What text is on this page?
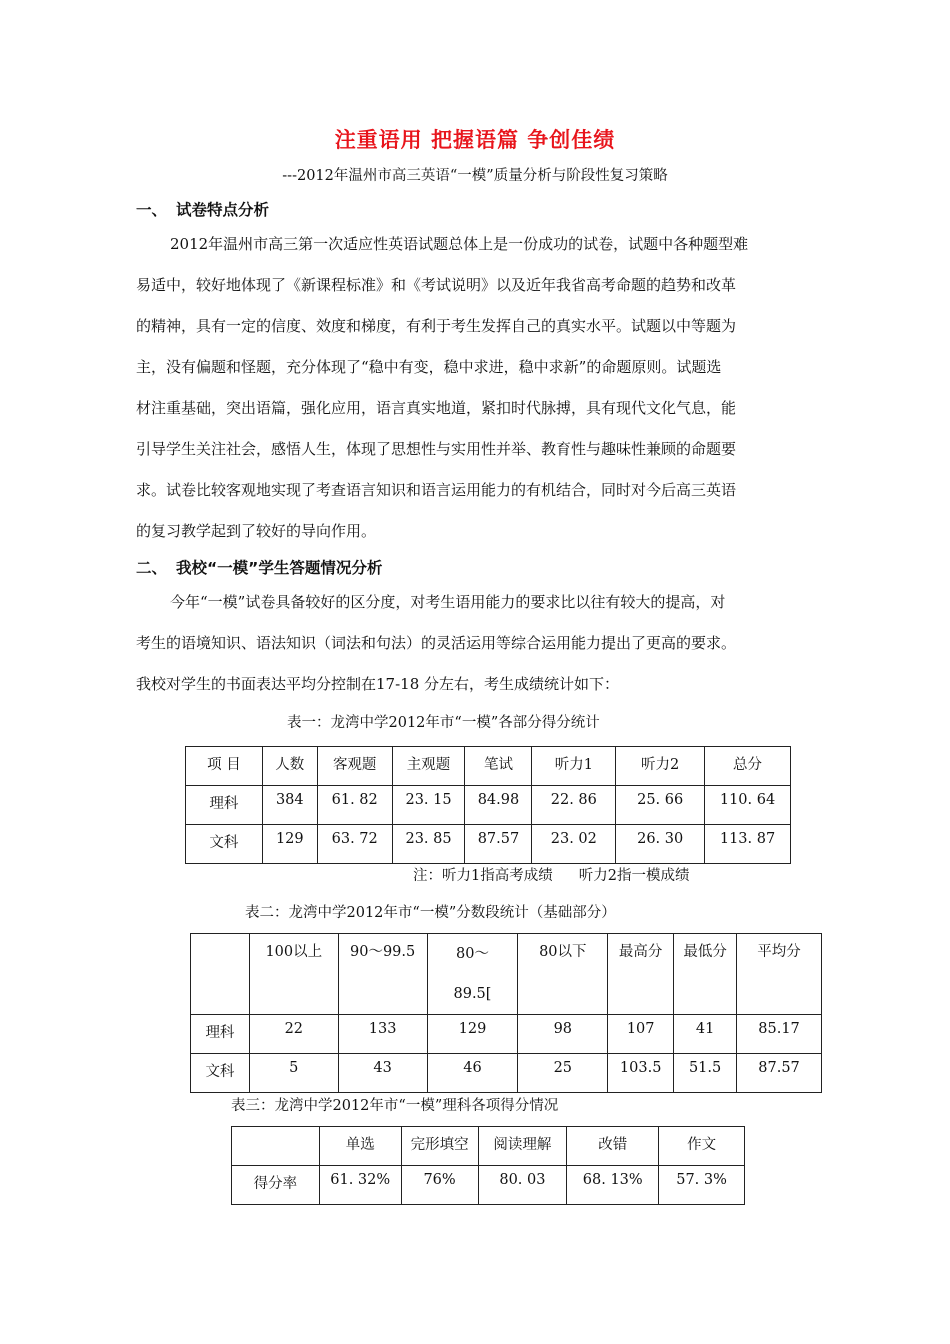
注重语用 把握语篇 争创佳绩
---2012年温州市高三英语“一模”质量分析与阶段性复习策略
一、 试卷特点分析
2012年温州市高三第一次适应性英语试题总体上是一份成功的试卷，试题中各种题型难
易适中，较好地体现了《新课程标准》和《考试说明》以及近年我省高考命题的趋势和改革
的精神，具有一定的信度、效度和梯度，有利于考生发挥自己的真实水平。试题以中等题为
主，没有偏题和怪题，充分体现了“稳中有变，稳中求进，稳中求新”的命题原则。试题选
材注重基础，突出语篇，强化应用，语言真实地道，紧扣时代脉搏，具有现代文化气息，能
引导学生关注社会，感悟人生，体现了思想性与实用性并举、教育性与趣味性兼顾的命题要
求。试卷比较客观地实现了考查语言知识和语言运用能力的有机结合，同时对今后高三英语
的复习教学起到了较好的导向作用。
二、 我校“一模”学生答题情况分析
今年“一模”试卷具备较好的区分度，对考生语用能力的要求比以往有较大的提高，对
考生的语境知识、语法知识（词法和句法）的灵活运用等综合运用能力提出了更高的要求。
我校对学生的书面表达平均分控制在17-18 分左右，考生成绩统计如下：
表一：龙湾中学2012年市“一模”各部分得分统计
项 目	人数	客观题	主观题	笔试	听力1	听力2	总分
理科	384	61. 82	23. 15	84.98	22. 86	25. 66	110. 64
文科	129	63. 72	23. 85	87.57	23. 02	26. 30	113. 87
注：听力1指高考成绩 听力2指一模成绩
表二：龙湾中学2012年市“一模”分数段统计（基础部分）
	100以上	90～99.5	80～
89.5[	80以下	最高分	最低分	平均分
理科	22	133	129	98	107	41	85.17
文科	5	43	46	25	103.5	51.5	87.57
表三：龙湾中学2012年市“一模”理科各项得分情况
	单选	完形填空	阅读理解	改错	作文
得分率	61. 32%	76%	80. 03	68. 13%	57. 3%
